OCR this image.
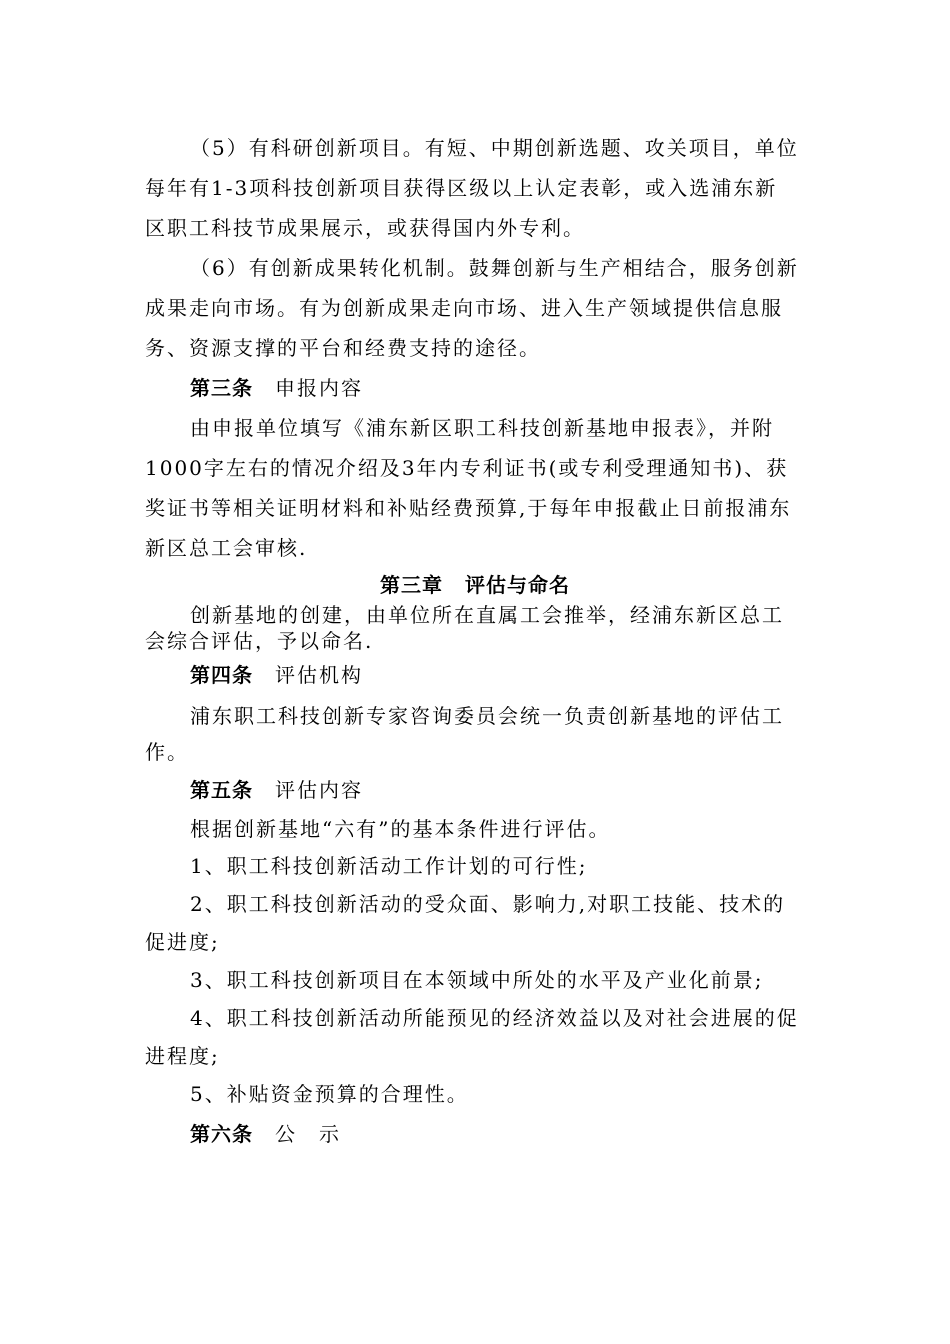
（5）有科研创新项目。有短、中期创新选题、攻关项目，单位
每年有1-3项科技创新项目获得区级以上认定表彰，或入选浦东新
区职工科技节成果展示，或获得国内外专利。
（6）有创新成果转化机制。鼓舞创新与生产相结合，服务创新
成果走向市场。有为创新成果走向市场、进入生产领域提供信息服
务、资源支撑的平台和经费支持的途径。
第三条 申报内容
由申报单位填写《浦东新区职工科技创新基地申报表》，并附
1000字左右的情况介绍及3年内专利证书(或专利受理通知书)、获
奖证书等相关证明材料和补贴经费预算,于每年申报截止日前报浦东
新区总工会审核.
第三章 评估与命名
创新基地的创建，由单位所在直属工会推举，经浦东新区总工
会综合评估，予以命名.
第四条 评估机构
浦东职工科技创新专家咨询委员会统一负责创新基地的评估工
作。
第五条 评估内容
根据创新基地“六有”的基本条件进行评估。
1、职工科技创新活动工作计划的可行性;
2、职工科技创新活动的受众面、影响力,对职工技能、技术的
促进度;
3、职工科技创新项目在本领域中所处的水平及产业化前景;
4、职工科技创新活动所能预见的经济效益以及对社会进展的促
进程度;
5、补贴资金预算的合理性。
第六条 公　示
